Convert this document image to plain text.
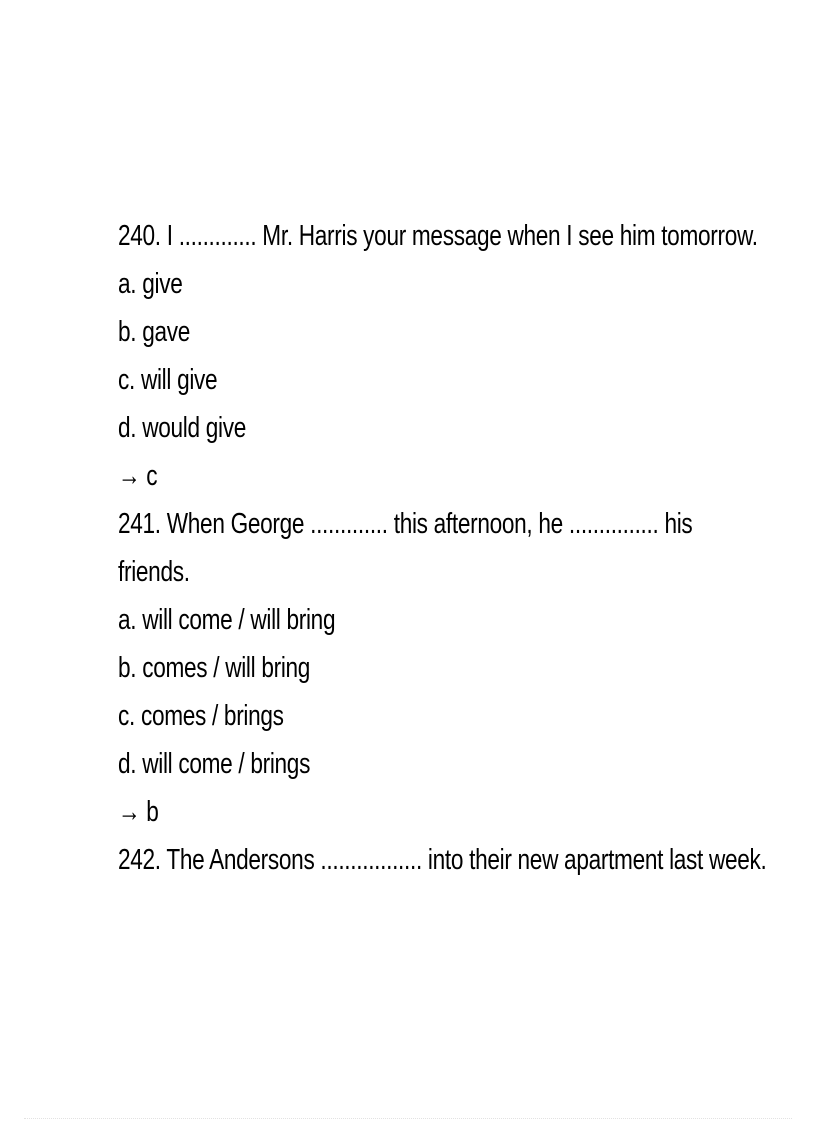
240. I ............. Mr. Harris your message when I see him tomorrow.
a. give
b. gave
c. will give
d. would give
→ c
241. When George ............. this afternoon, he ............... his
friends.
a. will come / will bring
b. comes / will bring
c. comes / brings
d. will come / brings
→ b
242. The Andersons ................. into their new apartment last week.
